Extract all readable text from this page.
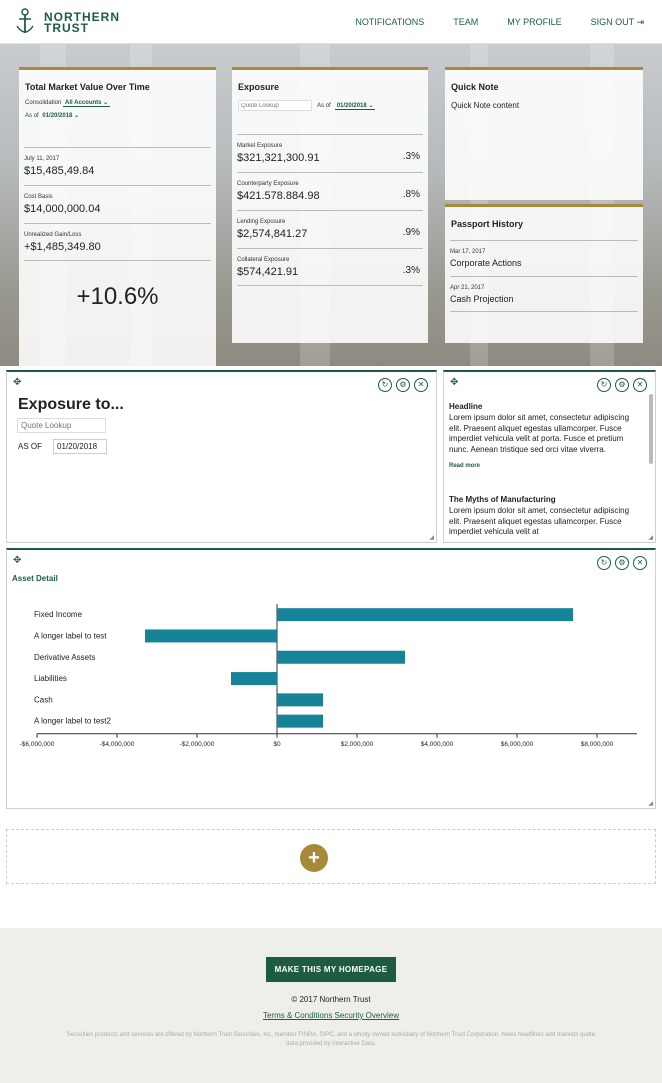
NORTHERN
TRUST	NOTIFICATIONS	TEAM	MY PROFILE	SIGN OUT ⇥
Total Market Value Over Time
Consolidation All Accounts ⌄
As of 01/20/2018 ⌄
July 11, 2017
$15,485,49.84
Cost Basis
$14,000,000.04
Unrealized Gain/Loss
+$1,485,349.80
+10.6%
Exposure
Quote Lookup
As of	01/20/2018 ⌄
Market Exposure
$321,321,300.91	.3%
Counterparty Exposure
$421.578.884.98	.8%
Lending Exposure
$2,574,841.27	.9%
Collateral Exposure
$574,421.91	.3%
Quick Note
Quick Note content
Passport History
Mar 17, 2017
Corporate Actions
Apr 21, 2017
Cash Projection
✥	↻	⚙	✕
Exposure to...
Quote Lookup
AS OF	01/20/2018
◢
✥	↻	⚙	✕
Headline

Lorem ipsum dolor sit amet, consectetur adipiscing elit. Praesent aliquet egestas ullamcorper. Fusce imperdiet vehicula velit at porta. Fusce et pretium nunc. Aenean tristique sed orci vitae viverra.

Read more
The Myths of Manufacturing

Lorem ipsum dolor sit amet, consectetur adipiscing elit. Praesent aliquet egestas ullamcorper. Fusce imperdiet vehicula velit at

◢
✥	↻	⚙	✕
Asset Detail
Fixed Income
A longer label to test
Derivative Assets
Liabilities
Cash
A longer label to test2
-$6,000,000	-$4,000,000	-$2,000,000	$0	$2,000,000	$4,000,000	$6,000,000	$8,000,000
◢
+
MAKE THIS MY HOMEPAGE
© 2017 Northern Trust
Terms & Conditions Security Overview
Securities products and services are offered by Northern Trust Securities, Inc, member FINRA, SIPC, and a wholly owned subsidiary of Northern Trust Corporation. News headlines and markets quote data provided by Interactive Data.
